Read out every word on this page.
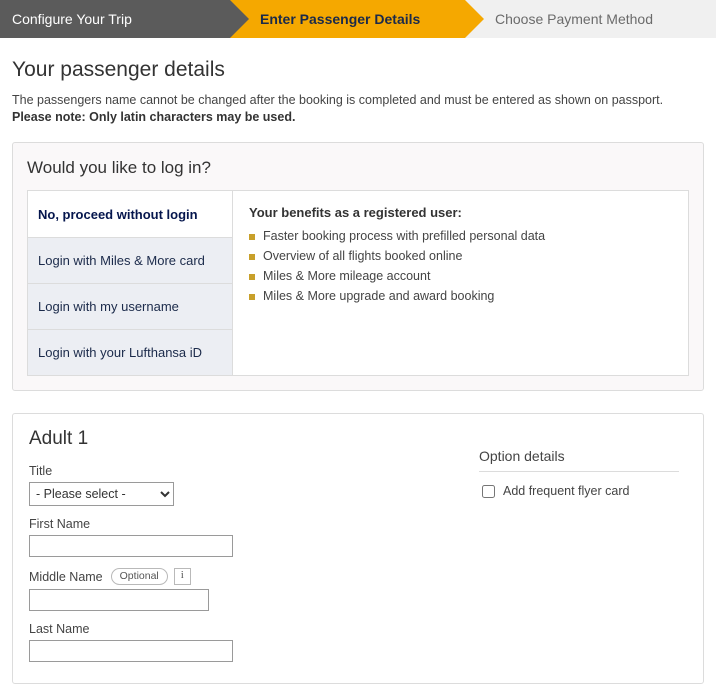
Configure Your Trip	Enter Passenger Details	Choose Payment Method
Your passenger details

The passengers name cannot be changed after the booking is completed and must be entered as shown on passport. Please note: Only latin characters may be used.

Would you like to log in?
No, proceed without login
Login with Miles & More card
Login with my username
Login with your Lufthansa iD
Your benefits as a registered user:
Faster booking process with prefilled personal data
Overview of all flights booked online
Miles & More mileage account
Miles & More upgrade and award booking
Adult 1
Title
- Please select -
First Name
Middle Name	Optional	i
Last Name
Option details
Add frequent flyer card
